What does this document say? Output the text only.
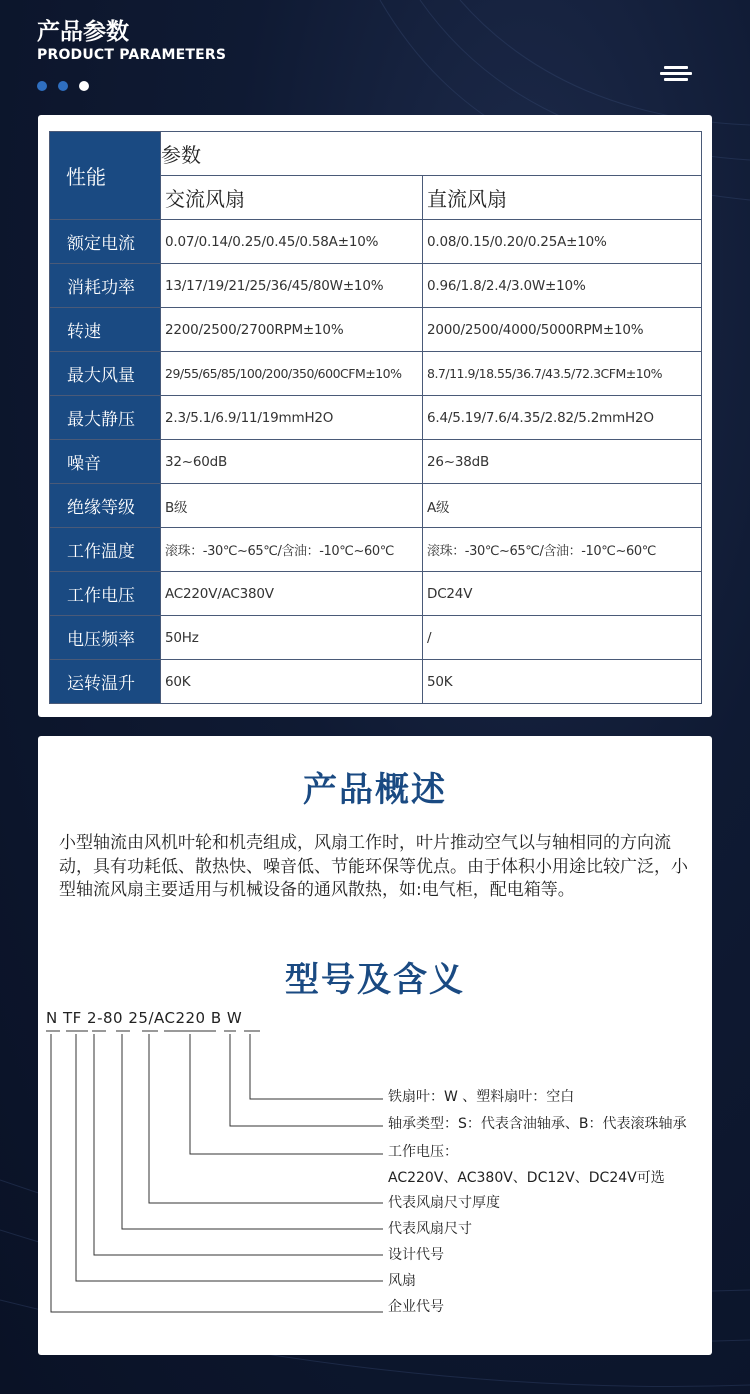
产品参数
PRODUCT PARAMETERS
性能	参数	
	交流风扇	直流风扇
额定电流	0.07/0.14/0.25/0.45/0.58A±10%	0.08/0.15/0.20/0.25A±10%
消耗功率	13/17/19/21/25/36/45/80W±10%	0.96/1.8/2.4/3.0W±10%
转速	2200/2500/2700RPM±10%	2000/2500/4000/5000RPM±10%
最大风量	29/55/65/85/100/200/350/600CFM±10%	8.7/11.9/18.55/36.7/43.5/72.3CFM±10%
最大静压	2.3/5.1/6.9/11/19mmH2O	6.4/5.19/7.6/4.35/2.82/5.2mmH2O
噪音	32~60dB	26~38dB
绝缘等级	B级	A级
工作温度	滚珠：-30℃~65℃/含油：-10℃~60℃	滚珠：-30℃~65℃/含油：-10℃~60℃
工作电压	AC220V/AC380V	DC24V
电压频率	50Hz	/
运转温升	60K	50K
产品概述
小型轴流由风机叶轮和机壳组成，风扇工作时，叶片推动空气以与轴相同的方向流动，具有功耗低、散热快、噪音低、节能环保等优点。由于体积小用途比较广泛，小型轴流风扇主要适用与机械设备的通风散热，如:电气柜，配电箱等。
型号及含义
N TF 2-80 25/AC220 B W
铁扇叶：W 、塑料扇叶：空白
轴承类型：S：代表含油轴承、B：代表滚珠轴承
工作电压：
AC220V、AC380V、DC12V、DC24V可选
代表风扇尺寸厚度
代表风扇尺寸
设计代号
风扇
企业代号
